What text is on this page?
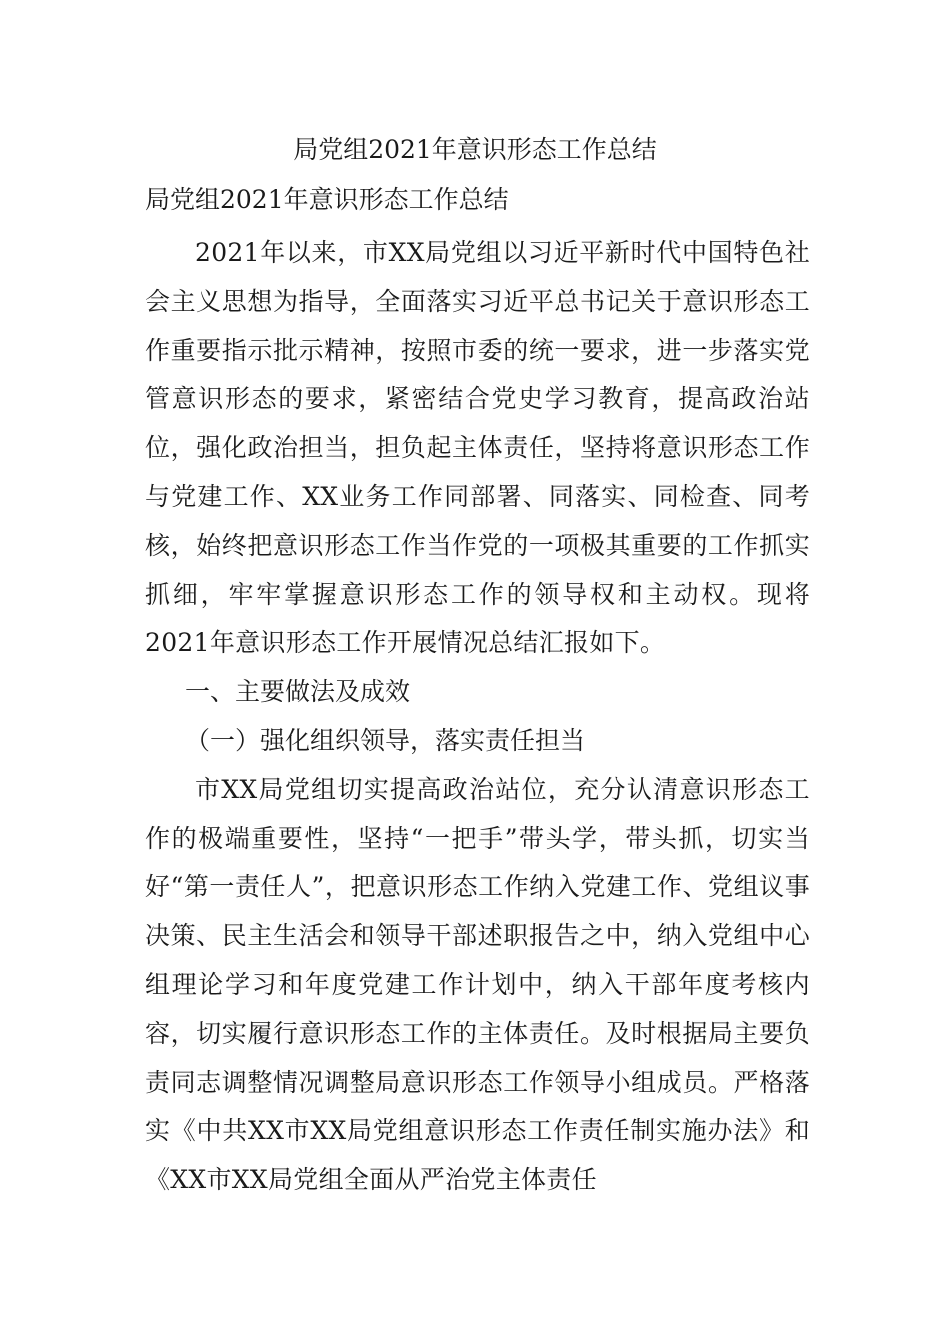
局党组2021年意识形态工作总结
局党组2021年意识形态工作总结

2021年以来，市XX局党组以习近平新时代中国特色社会主义思想为指导，全面落实习近平总书记关于意识形态工作重要指示批示精神，按照市委的统一要求，进一步落实党管意识形态的要求，紧密结合党史学习教育，提高政治站位，强化政治担当，担负起主体责任，坚持将意识形态工作与党建工作、XX业务工作同部署、同落实、同检查、同考核，始终把意识形态工作当作党的一项极其重要的工作抓实抓细，牢牢掌握意识形态工作的领导权和主动权。现将2021年意识形态工作开展情况总结汇报如下。

一、主要做法及成效

（一）强化组织领导，落实责任担当

市XX局党组切实提高政治站位，充分认清意识形态工作的极端重要性，坚持“一把手”带头学，带头抓，切实当好“第一责任人”，把意识形态工作纳入党建工作、党组议事决策、民主生活会和领导干部述职报告之中，纳入党组中心组理论学习和年度党建工作计划中，纳入干部年度考核内容，切实履行意识形态工作的主体责任。及时根据局主要负责同志调整情况调整局意识形态工作领导小组成员。严格落实《中共XX市XX局党组意识形态工作责任制实施办法》和《XX市XX局党组全面从严治党主体责任
